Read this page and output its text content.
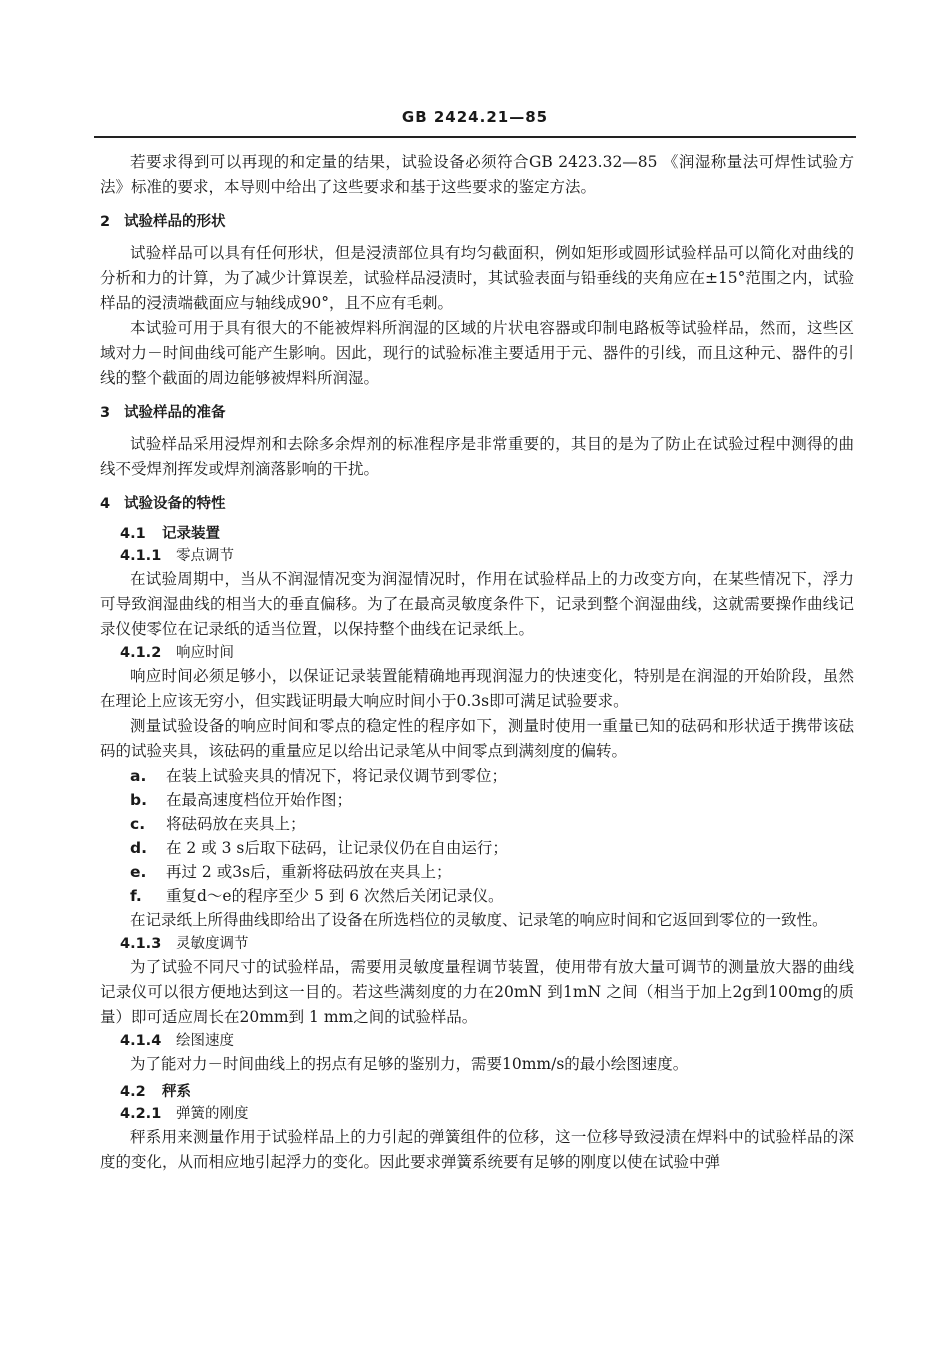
GB 2424.21—85

若要求得到可以再现的和定量的结果，试验设备必须符合GB 2423.32—85 《润湿称量法可焊性试验方法》标准的要求，本导则中给出了这些要求和基于这些要求的鉴定方法。

2 试验样品的形状

试验样品可以具有任何形状，但是浸渍部位具有均匀截面积，例如矩形或圆形试验样品可以简化对曲线的分析和力的计算，为了减少计算误差，试验样品浸渍时，其试验表面与铅垂线的夹角应在±15°范围之内，试验样品的浸渍端截面应与轴线成90°，且不应有毛刺。

本试验可用于具有很大的不能被焊料所润湿的区域的片状电容器或印制电路板等试验样品，然而，这些区域对力－时间曲线可能产生影响。因此，现行的试验标准主要适用于元、器件的引线，而且这种元、器件的引线的整个截面的周边能够被焊料所润湿。

3 试验样品的准备

试验样品采用浸焊剂和去除多余焊剂的标准程序是非常重要的，其目的是为了防止在试验过程中测得的曲线不受焊剂挥发或焊剂滴落影响的干扰。

4 试验设备的特性
4.1 记录装置
4.1.1 零点调节

在试验周期中，当从不润湿情况变为润湿情况时，作用在试验样品上的力改变方向，在某些情况下，浮力可导致润湿曲线的相当大的垂直偏移。为了在最高灵敏度条件下，记录到整个润湿曲线，这就需要操作曲线记录仪使零位在记录纸的适当位置，以保持整个曲线在记录纸上。

4.1.2 响应时间

响应时间必须足够小，以保证记录装置能精确地再现润湿力的快速变化，特别是在润湿的开始阶段，虽然在理论上应该无穷小，但实践证明最大响应时间小于0.3s即可满足试验要求。

测量试验设备的响应时间和零点的稳定性的程序如下，测量时使用一重量已知的砝码和形状适于携带该砝码的试验夹具，该砝码的重量应足以给出记录笔从中间零点到满刻度的偏转。

a. 在装上试验夹具的情况下，将记录仪调节到零位；
b. 在最高速度档位开始作图；
c. 将砝码放在夹具上；
d. 在 2 或 3 s后取下砝码，让记录仪仍在自由运行；
e. 再过 2 或3s后，重新将砝码放在夹具上；
f. 重复d～e的程序至少 5 到 6 次然后关闭记录仪。

在记录纸上所得曲线即给出了设备在所选档位的灵敏度、记录笔的响应时间和它返回到零位的一致性。

4.1.3 灵敏度调节

为了试验不同尺寸的试验样品，需要用灵敏度量程调节装置，使用带有放大量可调节的测量放大器的曲线记录仪可以很方便地达到这一目的。若这些满刻度的力在20mN 到1mN 之间（相当于加上2g到100mg的质量）即可适应周长在20mm到 1 mm之间的试验样品。

4.1.4 绘图速度

为了能对力－时间曲线上的拐点有足够的鉴别力，需要10mm/s的最小绘图速度。

4.2 秤系
4.2.1 弹簧的刚度

秤系用来测量作用于试验样品上的力引起的弹簧组件的位移，这一位移导致浸渍在焊料中的试验样品的深度的变化，从而相应地引起浮力的变化。因此要求弹簧系统要有足够的刚度以使在试验中弹
